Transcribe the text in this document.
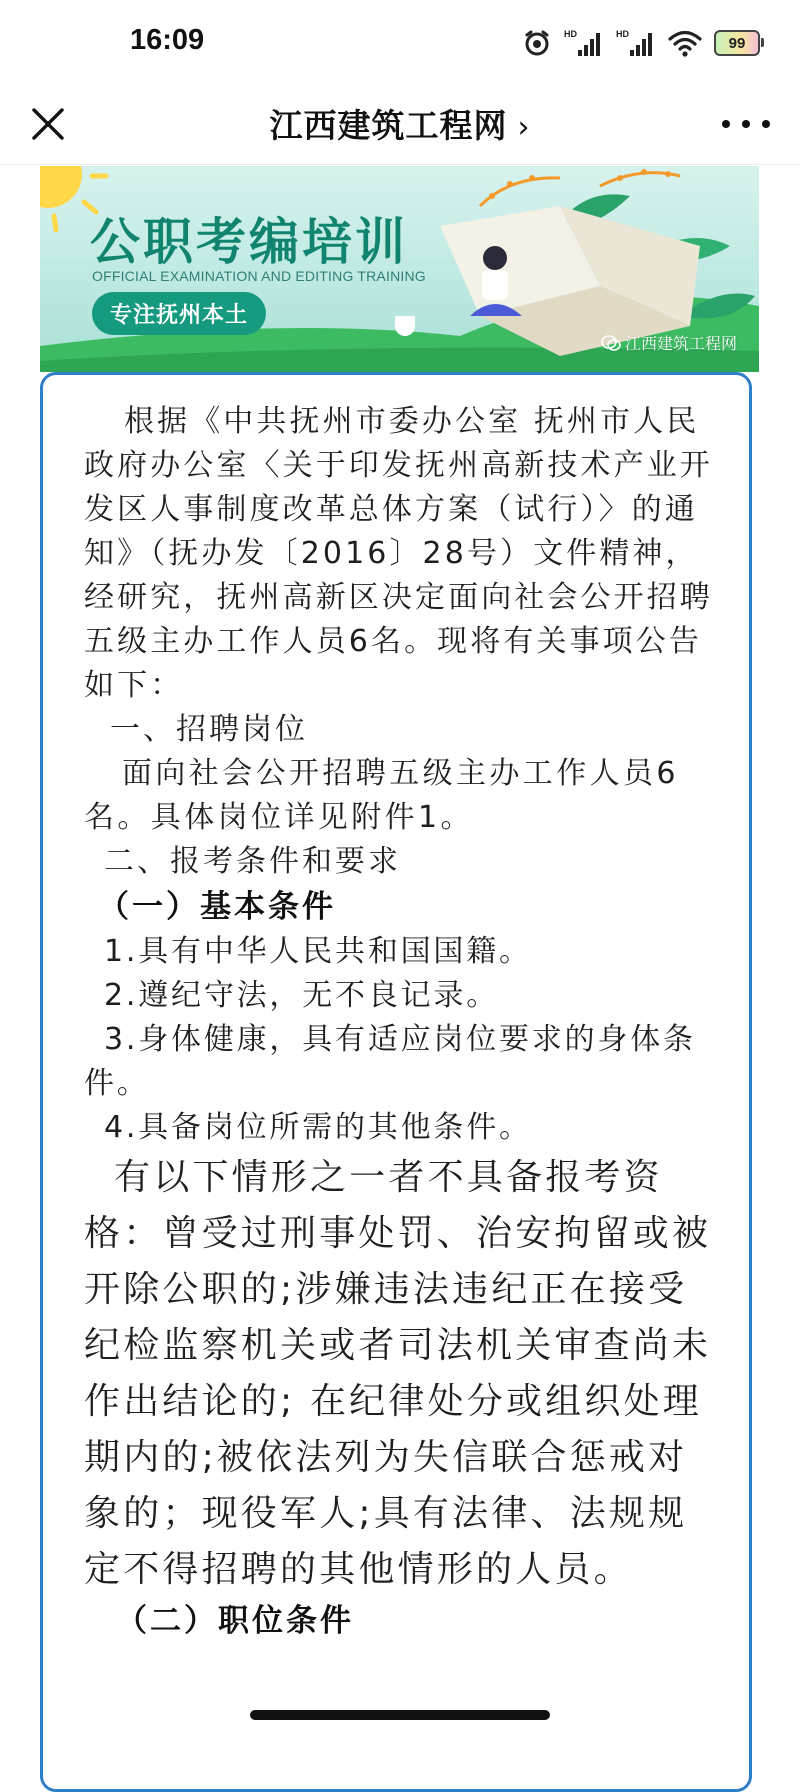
16:09	HD	HD
99
江西建筑工程网 ›
公职考编培训
OFFICIAL EXAMINATION AND EDITING TRAINING
专注抚州本土
江西建筑工程网

根据《中共抚州市委办公室 抚州市人民政府办公室〈关于印发抚州高新技术产业开发区人事制度改革总体方案（试行）〉的通知》（抚办发〔2016〕28号）文件精神，经研究，抚州高新区决定面向社会公开招聘五级主办工作人员6名。现将有关事项公告如下：

一、招聘岗位

面向社会公开招聘五级主办工作人员6名。具体岗位详见附件1。

二、报考条件和要求

（一）基本条件

1.具有中华人民共和国国籍。

2.遵纪守法，无不良记录。

3.身体健康，具有适应岗位要求的身体条件。

4.具备岗位所需的其他条件。

有以下情形之一者不具备报考资格：曾受过刑事处罚、治安拘留或被开除公职的;涉嫌违法违纪正在接受纪检监察机关或者司法机关审查尚未作出结论的; 在纪律处分或组织处理期内的;被依法列为失信联合惩戒对象的；现役军人;具有法律、法规规定不得招聘的其他情形的人员。

（二）职位条件
